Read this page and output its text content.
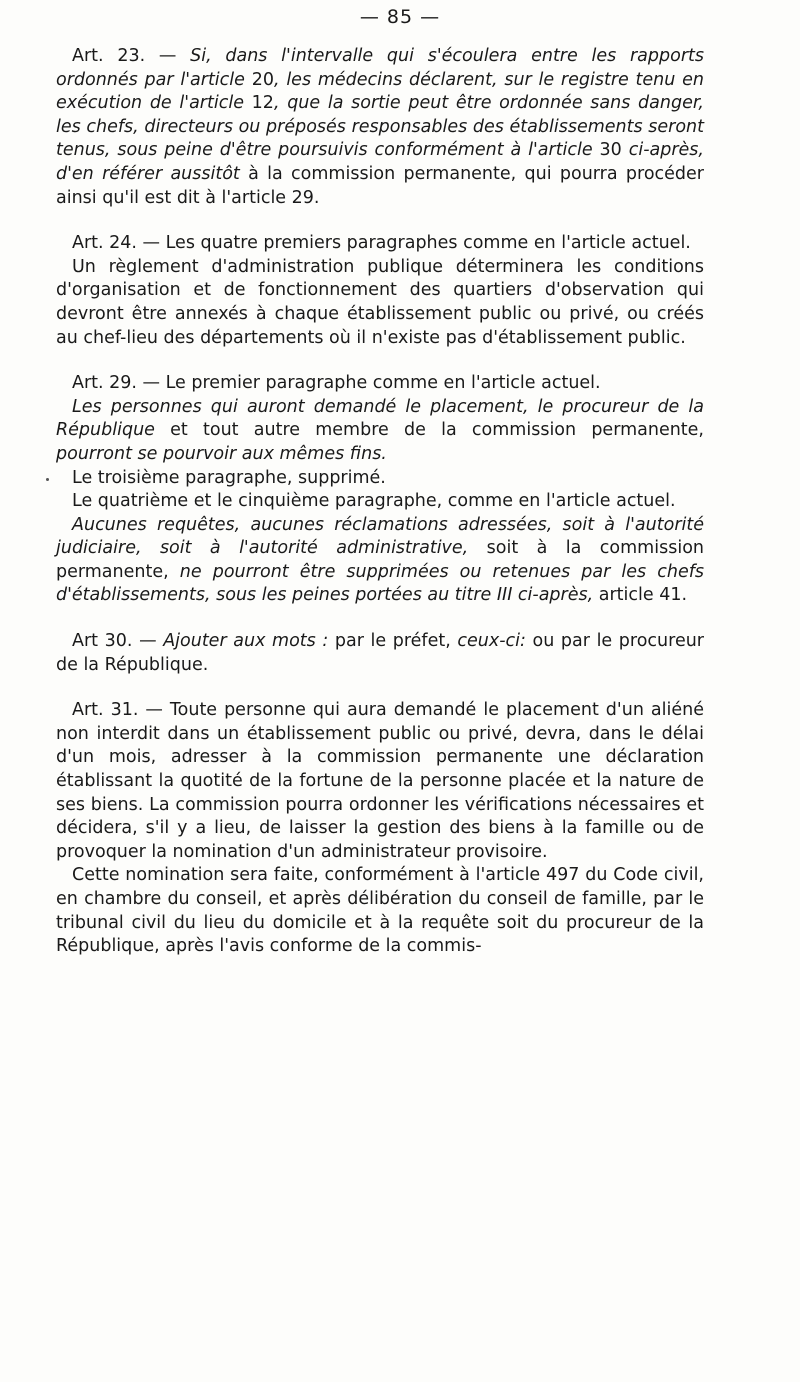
— 85 —

Art. 23. — Si, dans l'intervalle qui s'écoulera entre les rapports ordonnés par l'article 20, les médecins déclarent, sur le registre tenu en exécution de l'article 12, que la sortie peut être ordonnée sans danger, les chefs, directeurs ou préposés responsables des établissements seront tenus, sous peine d'être poursuivis conformément à l'article 30 ci-après, d'en référer aussitôt à la commission permanente, qui pourra procéder ainsi qu'il est dit à l'article 29.

Art. 24. — Les quatre premiers paragraphes comme en l'article actuel.

Un règlement d'administration publique déterminera les conditions d'organisation et de fonctionnement des quartiers d'observation qui devront être annexés à chaque établissement public ou privé, ou créés au chef-lieu des départements où il n'existe pas d'établissement public.

Art. 29. — Le premier paragraphe comme en l'article actuel.

Les personnes qui auront demandé le placement, le procureur de la République et tout autre membre de la commission permanente, pourront se pourvoir aux mêmes fins.

Le troisième paragraphe, supprimé.

Le quatrième et le cinquième paragraphe, comme en l'article actuel.

Aucunes requêtes, aucunes réclamations adressées, soit à l'autorité judiciaire, soit à l'autorité administrative, soit à la commission permanente, ne pourront être supprimées ou retenues par les chefs d'établissements, sous les peines portées au titre III ci-après, article 41.

Art 30. — Ajouter aux mots : par le préfet, ceux-ci: ou par le procureur de la République.

Art. 31. — Toute personne qui aura demandé le placement d'un aliéné non interdit dans un établissement public ou privé, devra, dans le délai d'un mois, adresser à la commission permanente une déclaration établissant la quotité de la fortune de la personne placée et la nature de ses biens. La commission pourra ordonner les vérifications nécessaires et décidera, s'il y a lieu, de laisser la gestion des biens à la famille ou de provoquer la nomination d'un administrateur provisoire.

Cette nomination sera faite, conformément à l'article 497 du Code civil, en chambre du conseil, et après délibération du conseil de famille, par le tribunal civil du lieu du domicile et à la requête soit du procureur de la République, après l'avis conforme de la commis-
